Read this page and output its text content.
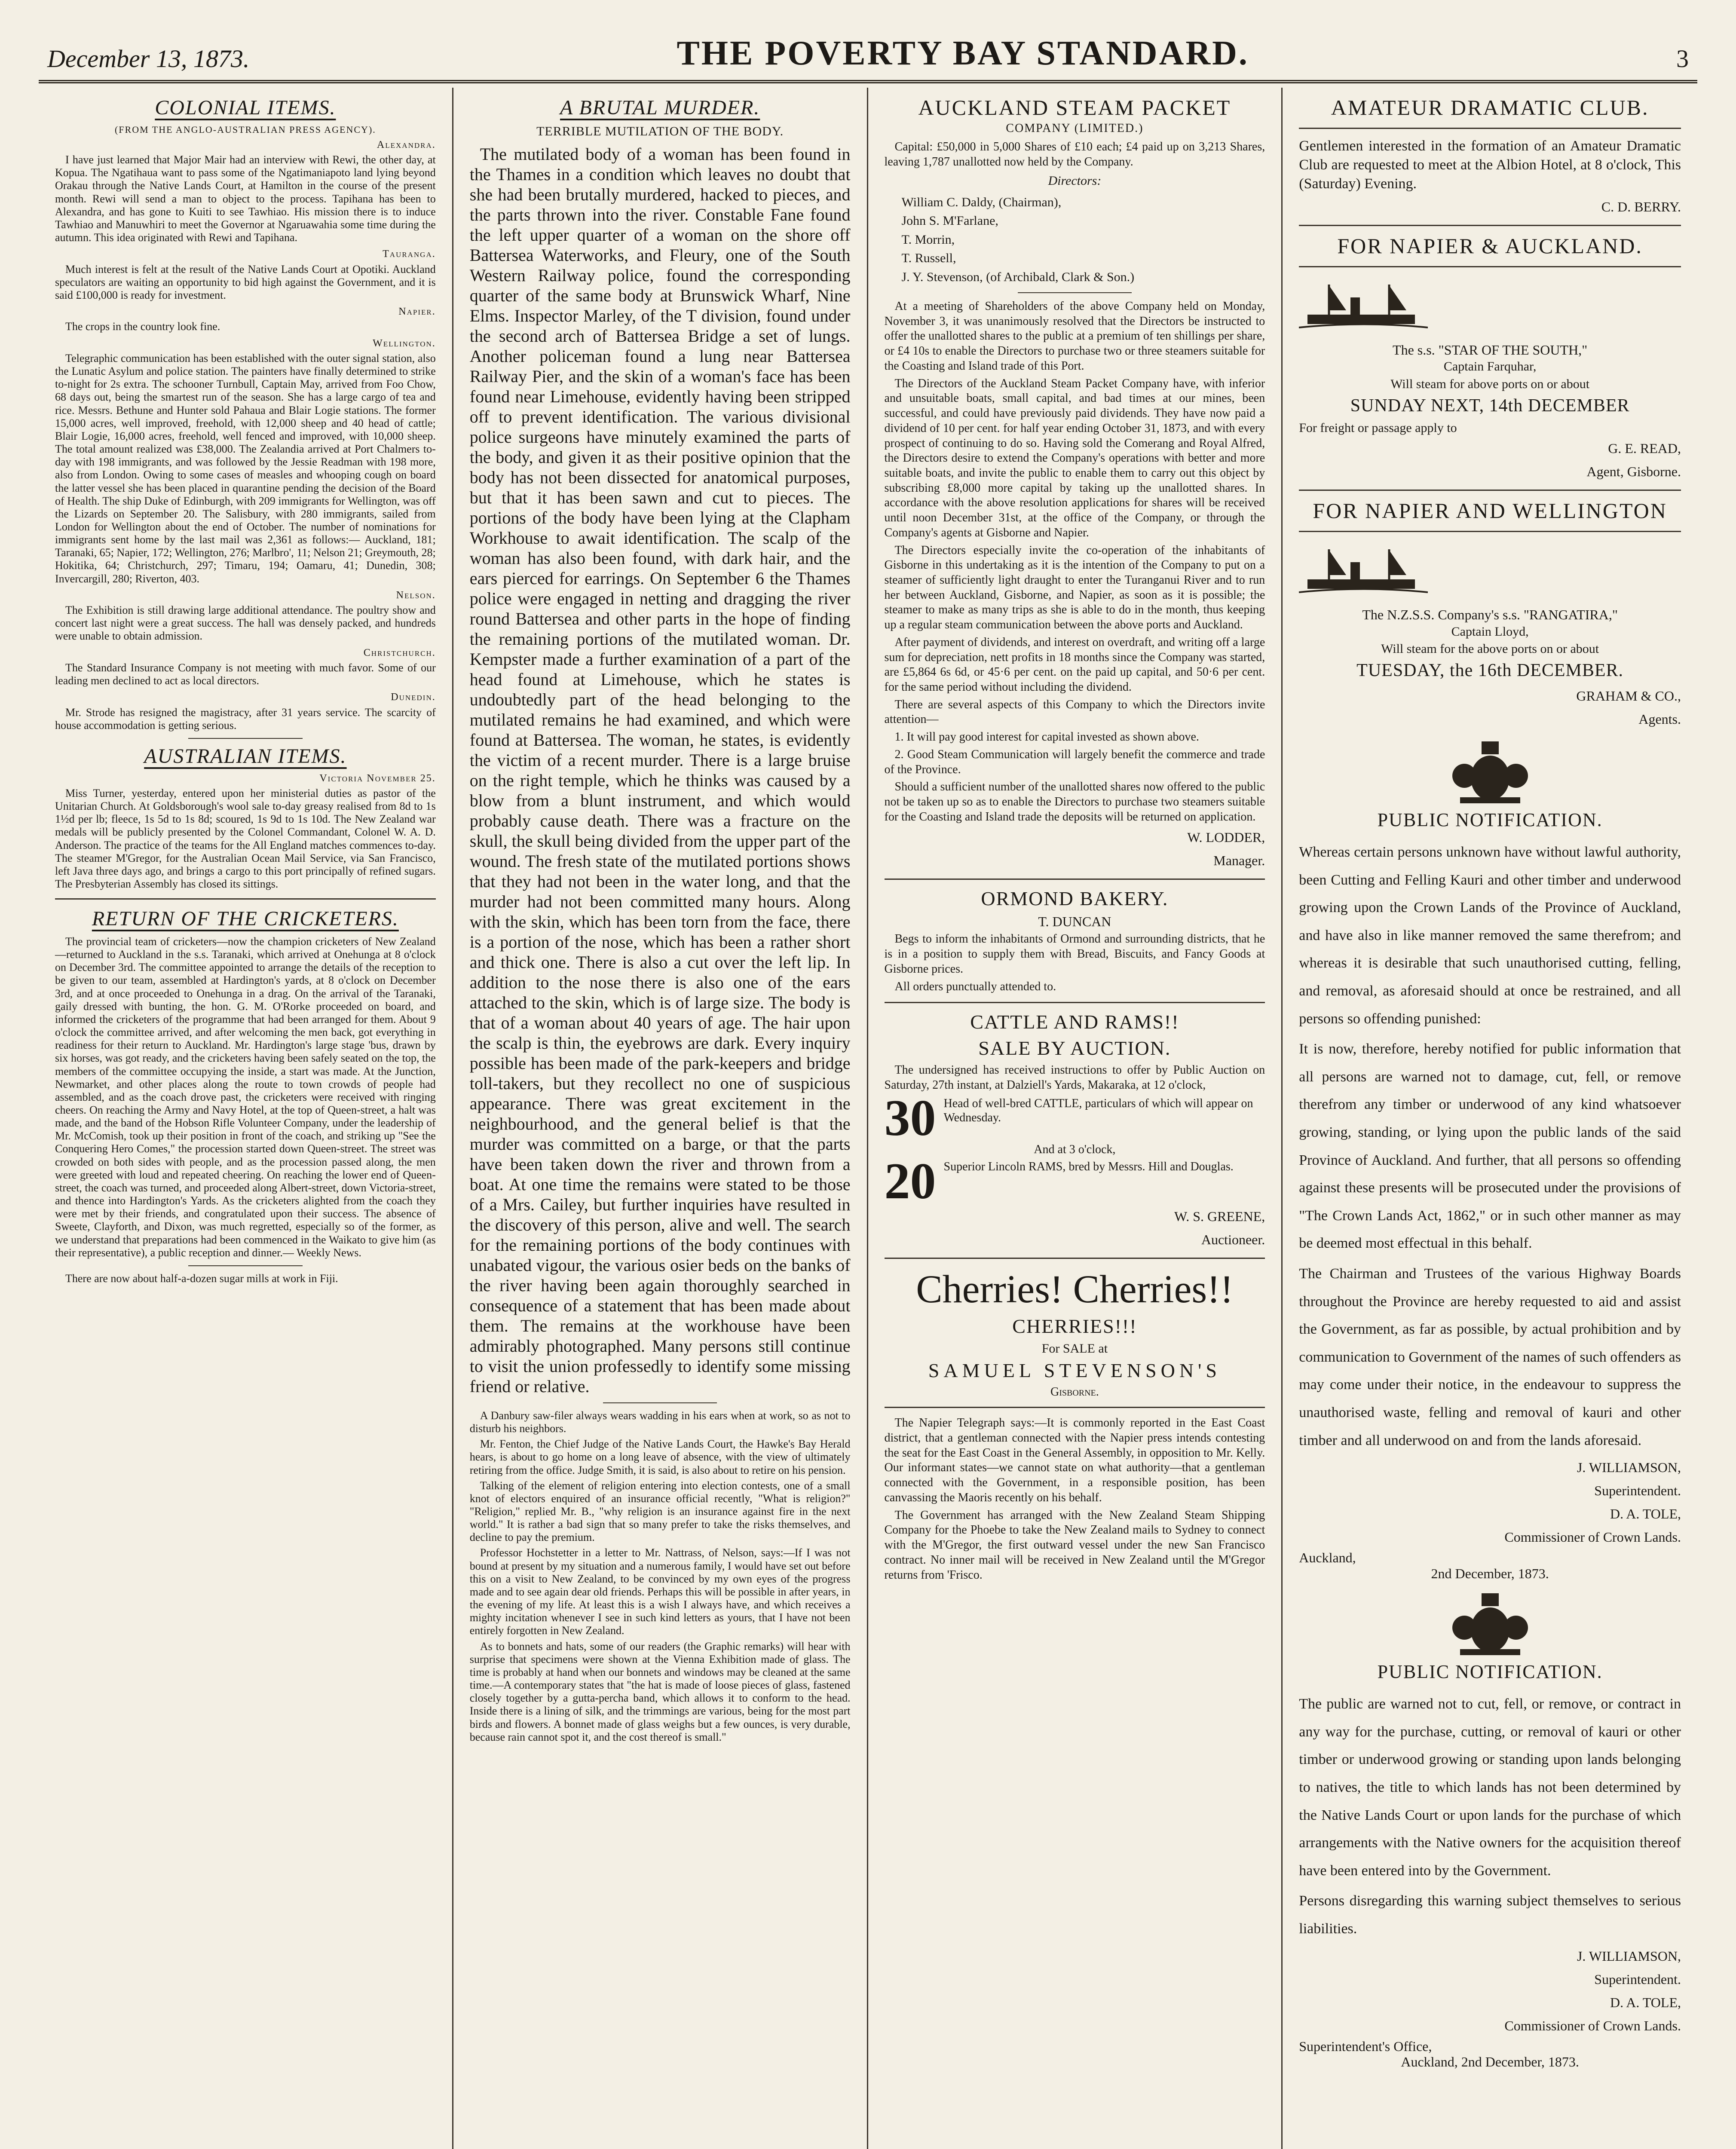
December 13, 1873.	THE POVERTY BAY STANDARD.	3
COLONIAL ITEMS.
(FROM THE ANGLO-AUSTRALIAN PRESS AGENCY).
Alexandra.

I have just learned that Major Mair had an interview with Rewi, the other day, at Kopua. The Ngatihaua want to pass some of the Ngatimaniapoto land lying beyond Orakau through the Native Lands Court, at Hamilton in the course of the present month. Rewi will send a man to object to the process. Tapihana has been to Alexandra, and has gone to Kuiti to see Tawhiao. His mission there is to induce Tawhiao and Manuwhiri to meet the Governor at Ngaruawahia some time during the autumn. This idea originated with Rewi and Tapihana.

Tauranga.

Much interest is felt at the result of the Native Lands Court at Opotiki. Auckland speculators are waiting an opportunity to bid high against the Government, and it is said £100,000 is ready for investment.

Napier.

The crops in the country look fine.

Wellington.

Telegraphic communication has been established with the outer signal station, also the Lunatic Asylum and police station. The painters have finally determined to strike to-night for 2s extra. The schooner Turnbull, Captain May, arrived from Foo Chow, 68 days out, being the smartest run of the season. She has a large cargo of tea and rice. Messrs. Bethune and Hunter sold Pahaua and Blair Logie stations. The former 15,000 acres, well improved, freehold, with 12,000 sheep and 40 head of cattle; Blair Logie, 16,000 acres, freehold, well fenced and improved, with 10,000 sheep. The total amount realized was £38,000. The Zealandia arrived at Port Chalmers to-day with 198 immigrants, and was followed by the Jessie Readman with 198 more, also from London. Owing to some cases of measles and whooping cough on board the latter vessel she has been placed in quarantine pending the decision of the Board of Health. The ship Duke of Edinburgh, with 209 immigrants for Wellington, was off the Lizards on September 20. The Salisbury, with 280 immigrants, sailed from London for Wellington about the end of October. The number of nominations for immigrants sent home by the last mail was 2,361 as follows:— Auckland, 181; Taranaki, 65; Napier, 172; Wellington, 276; Marlbro', 11; Nelson 21; Greymouth, 28; Hokitika, 64; Christchurch, 297; Timaru, 194; Oamaru, 41; Dunedin, 308; Invercargill, 280; Riverton, 403.

Nelson.

The Exhibition is still drawing large additional attendance. The poultry show and concert last night were a great success. The hall was densely packed, and hundreds were unable to obtain admission.

Christchurch.

The Standard Insurance Company is not meeting with much favor. Some of our leading men declined to act as local directors.

Dunedin.

Mr. Strode has resigned the magistracy, after 31 years service. The scarcity of house accommodation is getting serious.

AUSTRALIAN ITEMS.
Victoria November 25.

Miss Turner, yesterday, entered upon her ministerial duties as pastor of the Unitarian Church. At Goldsborough's wool sale to-day greasy realised from 8d to 1s 1½d per lb; fleece, 1s 5d to 1s 8d; scoured, 1s 9d to 1s 10d. The New Zealand war medals will be publicly presented by the Colonel Commandant, Colonel W. A. D. Anderson. The practice of the teams for the All England matches commences to-day. The steamer M'Gregor, for the Australian Ocean Mail Service, via San Francisco, left Java three days ago, and brings a cargo to this port principally of refined sugars. The Presbyterian Assembly has closed its sittings.

RETURN OF THE CRICKETERS.

The provincial team of cricketers—now the champion cricketers of New Zealand—returned to Auckland in the s.s. Taranaki, which arrived at Onehunga at 8 o'clock on December 3rd. The committee appointed to arrange the details of the reception to be given to our team, assembled at Hardington's yards, at 8 o'clock on December 3rd, and at once proceeded to Onehunga in a drag. On the arrival of the Taranaki, gaily dressed with bunting, the hon. G. M. O'Rorke proceeded on board, and informed the cricketers of the programme that had been arranged for them. About 9 o'clock the committee arrived, and after welcoming the men back, got everything in readiness for their return to Auckland. Mr. Hardington's large stage 'bus, drawn by six horses, was got ready, and the cricketers having been safely seated on the top, the members of the committee occupying the inside, a start was made. At the Junction, Newmarket, and other places along the route to town crowds of people had assembled, and as the coach drove past, the cricketers were received with ringing cheers. On reaching the Army and Navy Hotel, at the top of Queen-street, a halt was made, and the band of the Hobson Rifle Volunteer Company, under the leadership of Mr. McComish, took up their position in front of the coach, and striking up "See the Conquering Hero Comes," the procession started down Queen-street. The street was crowded on both sides with people, and as the procession passed along, the men were greeted with loud and repeated cheering. On reaching the lower end of Queen-street, the coach was turned, and proceeded along Albert-street, down Victoria-street, and thence into Hardington's Yards. As the cricketers alighted from the coach they were met by their friends, and congratulated upon their success. The absence of Sweete, Clayforth, and Dixon, was much regretted, especially so of the former, as we understand that preparations had been commenced in the Waikato to give him (as their representative), a public reception and dinner.— Weekly News.

There are now about half-a-dozen sugar mills at work in Fiji.

A BRUTAL MURDER.
TERRIBLE MUTILATION OF THE BODY.

The mutilated body of a woman has been found in the Thames in a condition which leaves no doubt that she had been brutally murdered, hacked to pieces, and the parts thrown into the river. Constable Fane found the left upper quarter of a woman on the shore off Battersea Waterworks, and Fleury, one of the South Western Railway police, found the corresponding quarter of the same body at Brunswick Wharf, Nine Elms. Inspector Marley, of the T division, found under the second arch of Battersea Bridge a set of lungs. Another policeman found a lung near Battersea Railway Pier, and the skin of a woman's face has been found near Limehouse, evidently having been stripped off to prevent identification. The various divisional police surgeons have minutely examined the parts of the body, and given it as their positive opinion that the body has not been dissected for anatomical purposes, but that it has been sawn and cut to pieces. The portions of the body have been lying at the Clapham Workhouse to await identification. The scalp of the woman has also been found, with dark hair, and the ears pierced for earrings. On September 6 the Thames police were engaged in netting and dragging the river round Battersea and other parts in the hope of finding the remaining portions of the mutilated woman. Dr. Kempster made a further examination of a part of the head found at Limehouse, which he states is undoubtedly part of the head belonging to the mutilated remains he had examined, and which were found at Battersea. The woman, he states, is evidently the victim of a recent murder. There is a large bruise on the right temple, which he thinks was caused by a blow from a blunt instrument, and which would probably cause death. There was a fracture on the skull, the skull being divided from the upper part of the wound. The fresh state of the mutilated portions shows that they had not been in the water long, and that the murder had not been committed many hours. Along with the skin, which has been torn from the face, there is a portion of the nose, which has been a rather short and thick one. There is also a cut over the left lip. In addition to the nose there is also one of the ears attached to the skin, which is of large size. The body is that of a woman about 40 years of age. The hair upon the scalp is thin, the eyebrows are dark. Every inquiry possible has been made of the park-keepers and bridge toll-takers, but they recollect no one of suspicious appearance. There was great excitement in the neighbourhood, and the general belief is that the murder was committed on a barge, or that the parts have been taken down the river and thrown from a boat. At one time the remains were stated to be those of a Mrs. Cailey, but further inquiries have resulted in the discovery of this person, alive and well. The search for the remaining portions of the body continues with unabated vigour, the various osier beds on the banks of the river having been again thoroughly searched in consequence of a statement that has been made about them. The remains at the workhouse have been admirably photographed. Many persons still continue to visit the union professedly to identify some missing friend or relative.

A Danbury saw-filer always wears wadding in his ears when at work, so as not to disturb his neighbors.

Mr. Fenton, the Chief Judge of the Native Lands Court, the Hawke's Bay Herald hears, is about to go home on a long leave of absence, with the view of ultimately retiring from the office. Judge Smith, it is said, is also about to retire on his pension.

Talking of the element of religion entering into election contests, one of a small knot of electors enquired of an insurance official recently, "What is religion?" "Religion," replied Mr. B., "why religion is an insurance against fire in the next world." It is rather a bad sign that so many prefer to take the risks themselves, and decline to pay the premium.

Professor Hochstetter in a letter to Mr. Nattrass, of Nelson, says:—If I was not bound at present by my situation and a numerous family, I would have set out before this on a visit to New Zealand, to be convinced by my own eyes of the progress made and to see again dear old friends. Perhaps this will be possible in after years, in the evening of my life. At least this is a wish I always have, and which receives a mighty incitation whenever I see in such kind letters as yours, that I have not been entirely forgotten in New Zealand.

As to bonnets and hats, some of our readers (the Graphic remarks) will hear with surprise that specimens were shown at the Vienna Exhibition made of glass. The time is probably at hand when our bonnets and windows may be cleaned at the same time.—A contemporary states that "the hat is made of loose pieces of glass, fastened closely together by a gutta-percha band, which allows it to conform to the head. Inside there is a lining of silk, and the trimmings are various, being for the most part birds and flowers. A bonnet made of glass weighs but a few ounces, is very durable, because rain cannot spot it, and the cost thereof is small."

AUCKLAND STEAM PACKET
COMPANY (LIMITED.)

Capital: £50,000 in 5,000 Shares of £10 each; £4 paid up on 3,213 Shares, leaving 1,787 unallotted now held by the Company.

Directors:
William C. Daldy, (Chairman),
John S. M'Farlane,
T. Morrin,
T. Russell,
J. Y. Stevenson, (of Archibald, Clark & Son.)

At a meeting of Shareholders of the above Company held on Monday, November 3, it was unanimously resolved that the Directors be instructed to offer the unallotted shares to the public at a premium of ten shillings per share, or £4 10s to enable the Directors to purchase two or three steamers suitable for the Coasting and Island trade of this Port.

The Directors of the Auckland Steam Packet Company have, with inferior and unsuitable boats, small capital, and bad times at our mines, been successful, and could have previously paid dividends. They have now paid a dividend of 10 per cent. for half year ending October 31, 1873, and with every prospect of continuing to do so. Having sold the Comerang and Royal Alfred, the Directors desire to extend the Company's operations with better and more suitable boats, and invite the public to enable them to carry out this object by subscribing £8,000 more capital by taking up the unallotted shares. In accordance with the above resolution applications for shares will be received until noon December 31st, at the office of the Company, or through the Company's agents at Gisborne and Napier.

The Directors especially invite the co-operation of the inhabitants of Gisborne in this undertaking as it is the intention of the Company to put on a steamer of sufficiently light draught to enter the Turanganui River and to run her between Auckland, Gisborne, and Napier, as soon as it is possible; the steamer to make as many trips as she is able to do in the month, thus keeping up a regular steam communication between the above ports and Auckland.

After payment of dividends, and interest on overdraft, and writing off a large sum for depreciation, nett profits in 18 months since the Company was started, are £5,864 6s 6d, or 45·6 per cent. on the paid up capital, and 50·6 per cent. for the same period without including the dividend.

There are several aspects of this Company to which the Directors invite attention—

1. It will pay good interest for capital invested as shown above.

2. Good Steam Communication will largely benefit the commerce and trade of the Province.

Should a sufficient number of the unallotted shares now offered to the public not be taken up so as to enable the Directors to purchase two steamers suitable for the Coasting and Island trade the deposits will be returned on application.

W. LODDER,
Manager.
ORMOND BAKERY.
T. DUNCAN

Begs to inform the inhabitants of Ormond and surrounding districts, that he is in a position to supply them with Bread, Biscuits, and Fancy Goods at Gisborne prices.

All orders punctually attended to.

CATTLE AND RAMS!!
SALE BY AUCTION.

The undersigned has received instructions to offer by Public Auction on Saturday, 27th instant, at Dalziell's Yards, Makaraka, at 12 o'clock,

30 Head of well-bred CATTLE, particulars of which will appear on Wednesday.
And at 3 o'clock,
20 Superior Lincoln RAMS, bred by Messrs. Hill and Douglas.
W. S. GREENE,
Auctioneer.
Cherries! Cherries!!
CHERRIES!!!
For SALE at
SAMUEL STEVENSON'S
Gisborne.

The Napier Telegraph says:—It is commonly reported in the East Coast district, that a gentleman connected with the Napier press intends contesting the seat for the East Coast in the General Assembly, in opposition to Mr. Kelly. Our informant states—we cannot state on what authority—that a gentleman connected with the Government, in a responsible position, has been canvassing the Maoris recently on his behalf.

The Government has arranged with the New Zealand Steam Shipping Company for the Phoebe to take the New Zealand mails to Sydney to connect with the M'Gregor, the first outward vessel under the new San Francisco contract. No inner mail will be received in New Zealand until the M'Gregor returns from 'Frisco.

AMATEUR DRAMATIC CLUB.

Gentlemen interested in the formation of an Amateur Dramatic Club are requested to meet at the Albion Hotel, at 8 o'clock, This (Saturday) Evening.

C. D. BERRY.
FOR NAPIER & AUCKLAND.
The s.s. "STAR OF THE SOUTH,"
Captain Farquhar,
Will steam for above ports on or about
SUNDAY NEXT, 14th DECEMBER
For freight or passage apply to
G. E. READ,
Agent, Gisborne.
FOR NAPIER AND WELLINGTON
The N.Z.S.S. Company's s.s. "RANGATIRA,"
Captain Lloyd,
Will steam for the above ports on or about
TUESDAY, the 16th DECEMBER.
GRAHAM & CO.,
Agents.
PUBLIC NOTIFICATION.

Whereas certain persons unknown have without lawful authority, been Cutting and Felling Kauri and other timber and underwood growing upon the Crown Lands of the Province of Auckland, and have also in like manner removed the same therefrom; and whereas it is desirable that such unauthorised cutting, felling, and removal, as aforesaid should at once be restrained, and all persons so offending punished:

It is now, therefore, hereby notified for public information that all persons are warned not to damage, cut, fell, or remove therefrom any timber or underwood of any kind whatsoever growing, standing, or lying upon the public lands of the said Province of Auckland. And further, that all persons so offending against these presents will be prosecuted under the provisions of "The Crown Lands Act, 1862," or in such other manner as may be deemed most effectual in this behalf.

The Chairman and Trustees of the various Highway Boards throughout the Province are hereby requested to aid and assist the Government, as far as possible, by actual prohibition and by communication to Government of the names of such offenders as may come under their notice, in the endeavour to suppress the unauthorised waste, felling and removal of kauri and other timber and all underwood on and from the lands aforesaid.

J. WILLIAMSON,
Superintendent.
D. A. TOLE,
Commissioner of Crown Lands.
Auckland,
2nd December, 1873.
PUBLIC NOTIFICATION.

The public are warned not to cut, fell, or remove, or contract in any way for the purchase, cutting, or removal of kauri or other timber or underwood growing or standing upon lands belonging to natives, the title to which lands has not been determined by the Native Lands Court or upon lands for the purchase of which arrangements with the Native owners for the acquisition thereof have been entered into by the Government.

Persons disregarding this warning subject themselves to serious liabilities.

J. WILLIAMSON,
Superintendent.
D. A. TOLE,
Commissioner of Crown Lands.
Superintendent's Office,
Auckland, 2nd December, 1873.
